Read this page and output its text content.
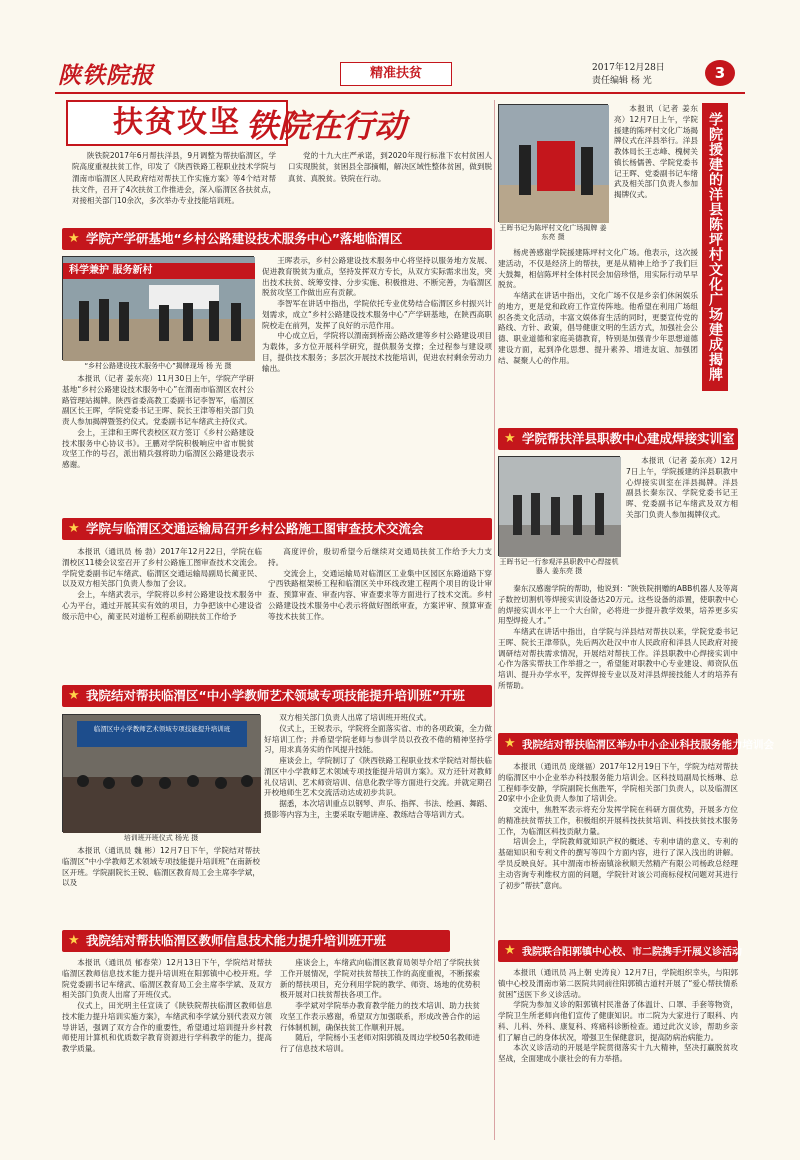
陕铁院报	精准扶贫	2017年12月28日
责任编辑 杨 光	3
扶贫攻坚 铁院在行动

陕铁院2017年6月帮扶洋县，9月调整为帮扶临渭区，学院高度重视扶贫工作，印发了《陕西铁路工程职业技术学院与渭南市临渭区人民政府结对帮扶工作实施方案》等4个结对帮扶文件，召开了4次扶贫工作推进会，深入临渭区各扶贫点，对接相关部门10余次，多次举办专业技能培训班。

党的十九大庄严承诺，到2020年现行标准下农村贫困人口实现脱贫，贫困县全部摘帽，解决区域性整体贫困，做到脱真贫、真脱贫。铁院在行动。

★ 学院产学研基地“乡村公路建设技术服务中心”落地临渭区
科学兼护 服务新村
“乡村公路建设技术服务中心”揭牌现场 杨 光 摄

本报讯（记者 姜东亮）11月30日上午，学院产学研基地“乡村公路建设技术服务中心”在渭南市临渭区农村公路管理站揭牌。陕西省委高教工委副书记李智军，临渭区副区长王晖，学院党委书记王晖、院长王津等相关部门负责人参加揭牌暨签约仪式。党委副书记车绪武主持仪式。

会上，王津和王晖代表校区双方签订《乡村公路建设技术服务中心协议书》。王鹏对学院积极响应中省市脱贫攻坚工作的号召，派出精兵强将助力临渭区公路建设表示感谢。

王晖表示，乡村公路建设技术服务中心将坚持以服务地方发展、促进教育脱贫为重点，坚持发挥双方专长，从双方实际需求出发，突出技术扶贫、统筹安排、分步实施、积极推进、不断完善，为临渭区脱贫攻坚工作做出应有贡献。

李智军在讲话中指出，学院依托专业优势结合临渭区乡村振兴计划需求，成立“乡村公路建设技术服务中心”产学研基地，在陕西高职院校走在前列，发挥了良好的示范作用。

中心成立后，学院将以渭南到桥南公路改建等乡村公路建设项目为载体，多方位开展科学研究，提供服务支撑；全过程参与建设项目，提供技术服务；多层次开展技术技能培训，促进农村剩余劳动力输出。

★ 学院与临渭区交通运输局召开乡村公路施工图审查技术交流会

本报讯（通讯员 杨 勃）2017年12月22日，学院在临渭校区11楼会议室召开了乡村公路施工图审查技术交流会。学院党委副书记车绪武、临渭区交通运输局副局长蔺亚民、以及双方相关部门负责人参加了会议。

会上，车绪武表示，学院将以乡村公路建设技术服务中心为平台，通过开展其实有效的项目，力争把该中心建设省级示范中心，蔺亚民对道桥工程系前期扶贫工作给予

高度评价，殷切希望今后继续对交通局扶贫工作给予大力支持。

交流会上，交通运输局对临渭区工业集中区园区东路道路下穿宁西铁路框架桥工程和临渭区关中环线改建工程两个项目的设计审查、预算审查、审查内容、审查要求等方面进行了技术交流。乡村公路建设技术服务中心表示将做好图纸审查，方案评审、预算审查等技术扶贫工作。

★ 我院结对帮扶临渭区“中小学教师艺术领域专项技能提升培训班”开班
临渭区中小学教师艺术领域专项技能提升培训班
培训班开班仪式 杨光 摄

本报讯（通讯员 魏 彬）12月7日下午，学院结对帮扶临渭区“中小学教师艺术领域专项技能提升培训班”在南新校区开班。学院副院长王锐、临渭区教育局工会主席李学斌，以及

双方相关部门负责人出席了培训班开班仪式。

仪式上，王锐表示，学院将全面落实省、市的各项政策，全力做好培训工作；并希望学院老师与参训学员以孜孜不倦的精神坚持学习，用求真务实的作风提升技能。

座谈会上，学院制订了《陕西铁路工程职业技术学院结对帮扶临渭区中小学教师艺术领域专项技能提升培训方案》。双方还针对教师礼仪培训、艺术师资培训、信息化教学等方面进行交流。并就定期召开校地师生艺术交流活动达成初步共识。

据悉，本次培训重点以钢琴、声乐、指挥、书法、绘画、舞蹈、摄影等内容为主，主要采取专题讲座、教练结合等培训方式。

★ 我院结对帮扶临渭区教师信息技术能力提升培训班开班

本报讯（通讯员 郁春荣）12月13日下午，学院结对帮扶临渭区教师信息技术能力提升培训班在阳郭镇中心校开班。学院党委副书记车绪武、临渭区教育局工会主席李学斌、及双方相关部门负责人出席了开班仪式。

仪式上，田光明主任宣读了《陕铁院帮扶临渭区教师信息技术能力提升培训实施方案》，车绪武和李学斌分别代表双方领导讲话，强调了双方合作的重要性，希望通过培训提升乡村教师使用计算机和优质数字教育资源进行学科教学的能力，提高教学质量。

座谈会上，车绪武向临渭区教育局领导介绍了学院扶贫工作开展情况，学院对扶贫帮扶工作的高度重视，不断探索新的帮扶项目，充分利用学院的教学、师资、场地的优势积极开展对口扶贫帮扶各项工作。

李学斌对学院举办教育教学能力的技术培训、助力扶贫攻坚工作表示感谢，希望双方加强联系，形成改善合作的运行体制机制，确保扶贫工作顺利开展。

随后，学院杨小玉老师对阳郭镇及周边学校50名教师进行了信息技术培训。

王晖书记为陈坪村文化广场揭牌 姜东亮 摄

本报讯（记者 姜东亮）12月7日上午，学院援建的陈坪村文化广场揭牌仪式在洋县举行。洋县教体局长王志峰、槐树关镇长杨儒善、学院党委书记王晖、党委副书记车绪武及相关部门负责人参加揭牌仪式。

杨虎善感谢学院援建陈坪村文化广场。他表示，这次援建活动，不仅是经济上的帮扶，更是从精神上给予了我们巨大鼓舞，相信陈坪村全体村民会加倍珍惜，用实际行动早早脱贫。

车绪武在讲话中指出，文化广场不仅是乡亲们休闲娱乐的地方，更是党和政府工作宣传阵地。他希望在利用广场组织各类文化活动，丰富文娱体育生活的同时，更要宣传党的路线、方针、政策，倡导健康文明的生活方式，加强社会公德、职业道德和家庭美德教育，特别是加强青少年思想道德建设方面，起到净化思想、提升素养、增进友谊、加强团结、凝聚人心的作用。	学院援建的洋县陈坪村文化广场建成揭牌
★ 学院帮扶洋县职教中心建成焊接实训室
王晖书记一行参观洋县职教中心焊接机器人 姜东亮 摄

本报讯（记者 姜东亮）12月7日上午，学院援建的洋县职教中心焊接实训室在洋县揭牌。洋县副县长秦东汉、学院党委书记王晖、党委副书记车绪武及双方相关部门负责人参加揭牌仪式。

秦东汉感谢学院的帮助，他说到：“陕铁院捐赠的ABB机器人及等离子数控切割机等焊接实训设备达20万元。这些设备的添置，使职教中心的焊接实训水平上一个大台阶，必将进一步提升教学效果，培养更多实用型焊接人才。”

车绪武在讲话中指出，自学院与洋县结对帮扶以来，学院党委书记王晖、院长王津带队，先后两次赴汉中市人民政府和洋县人民政府对接调研结对帮扶需求情况，开展结对帮扶工作。洋县职教中心焊接实训中心作为落实帮扶工作举措之一，希望能对职教中心专业建设、师资队伍培训、提升办学水平，发挥焊接专业以及对洋县焊接技能人才的培养有所帮助。

★ 我院结对帮扶临渭区举办中小企业科技服务能力培训会

本报讯（通讯员 庞继福）2017年12月19日下午，学院为结对帮扶的临渭区中小企业举办科技服务能力培训会。区科技局副局长杨琳、总工程师李安静，学院副院长焦胜军，学院相关部门负责人，以及临渭区20家中小企业负责人参加了培训会。

交流中，焦胜军表示将充分发挥学院在科研方面优势，开展多方位的精准扶贫帮扶工作，积极组织开展科技扶贫培训、科技扶贫技术服务工作，为临渭区科技贡献力量。

培训会上，学院教师就知识产权的概述、专利申请的意义、专利的基础知识和专利文件的撰写等四个方面内容，进行了深入浅出的讲解。学员反映良好。其中渭南市桥南镇涂秋顺天然精产有限公司杨政总经理主动咨询专利维权方面的问题，学院针对该公司商标侵权问题对其进行了初步“帮扶”意向。

★ 我院联合阳郭镇中心校、市二院携手开展义诊活动

本报讯（通讯员 冯上朝 史涛良）12月7日，学院组织幸头，与阳郭镇中心校及渭南市第二医院共同前往阳郭镇古道村开展了“爱心帮扶情系贫困”送医下乡义诊活动。

学院为参加义诊的阳郭镇村民准备了体温计、口罩、手套等物资，学院卫生所老师向他们宣传了健康知识。市二院为大家进行了眼科、内科、儿科、外科、康复科、疼痛科诊断检查。通过此次义诊，帮助乡亲们了解自己的身体状况，增强卫生保健意识，提高防病治病能力。

本次义诊活动的开展是学院贯彻落实十九大精神，坚决打赢脱贫攻坚战，全面建成小康社会的有力举措。
